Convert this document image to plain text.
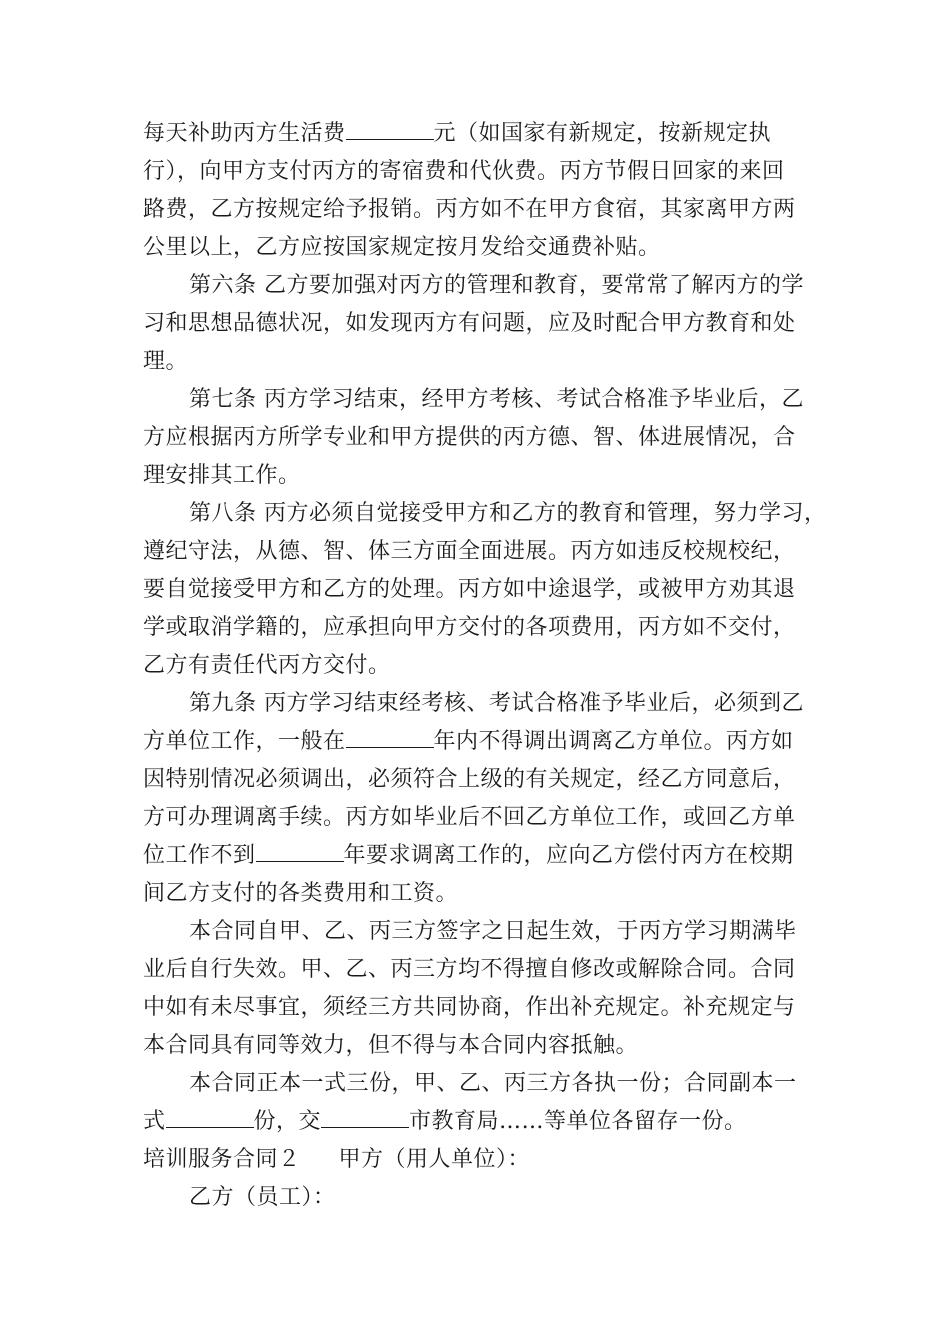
每天补助丙方生活费	元（如国家有新规定，按新规定执
行），向甲方支付丙方的寄宿费和代伙费。丙方节假日回家的来回
路费，乙方按规定给予报销。丙方如不在甲方食宿，其家离甲方两
公里以上，乙方应按国家规定按月发给交通费补贴。
第六条 乙方要加强对丙方的管理和教育，要常常了解丙方的学
习和思想品德状况，如发现丙方有问题，应及时配合甲方教育和处
理。
第七条 丙方学习结束，经甲方考核、考试合格准予毕业后，乙
方应根据丙方所学专业和甲方提供的丙方德、智、体进展情况，合
理安排其工作。
第八条 丙方必须自觉接受甲方和乙方的教育和管理，努力学习，
遵纪守法，从德、智、体三方面全面进展。丙方如违反校规校纪，
要自觉接受甲方和乙方的处理。丙方如中途退学，或被甲方劝其退
学或取消学籍的，应承担向甲方交付的各项费用，丙方如不交付，
乙方有责任代丙方交付。
第九条 丙方学习结束经考核、考试合格准予毕业后，必须到乙
方单位工作，一般在	年内不得调出调离乙方单位。丙方如
因特别情况必须调出，必须符合上级的有关规定，经乙方同意后，
方可办理调离手续。丙方如毕业后不回乙方单位工作，或回乙方单
位工作不到	年要求调离工作的，应向乙方偿付丙方在校期
间乙方支付的各类费用和工资。
本合同自甲、乙、丙三方签字之日起生效，于丙方学习期满毕
业后自行失效。甲、乙、丙三方均不得擅自修改或解除合同。合同
中如有未尽事宜，须经三方共同协商，作出补充规定。补充规定与
本合同具有同等效力，但不得与本合同内容抵触。
本合同正本一式三份，甲、乙、丙三方各执一份；合同副本一
式	份，交	市教育局……等单位各留存一份。
培训服务合同２ 甲方（用人单位）：
乙方（员工）：
